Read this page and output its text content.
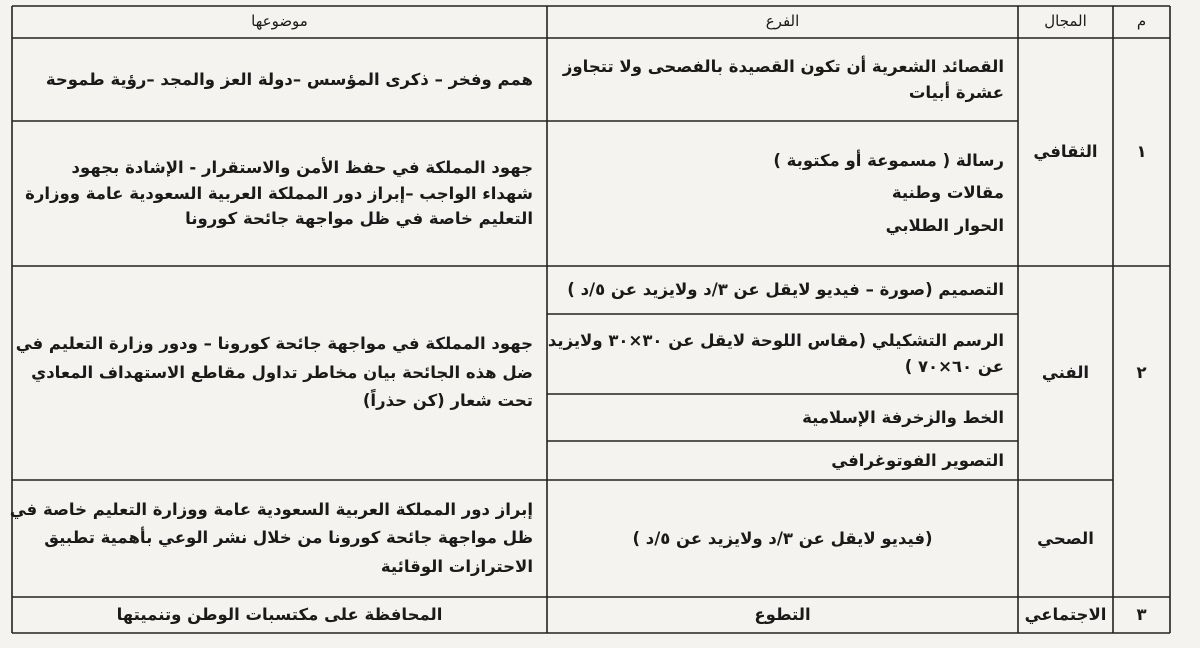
م
المجال
الفرع
موضوعها
١
الثقافي
القصائد الشعرية أن تكون القصيدة بالفصحى ولا تتجاوز
عشرة أبيات
رسالة ( مسموعة أو مكتوبة )
مقالات وطنية
الحوار الطلابي
همم وفخر – ذكرى المؤسس –دولة العز والمجد –رؤية طموحة
جهود المملكة في حفظ الأمن والاستقرار - الإشادة بجهود
شهداء الواجب –إبراز دور المملكة العربية السعودية عامة ووزارة
التعليم خاصة في ظل مواجهة جائحة كورونا
٢
الفني
التصميم (صورة – فيديو لايقل عن ٣/د ولايزيد عن ٥/د )
الرسم التشكيلي (مقاس اللوحة لايقل عن ٣٠×٣٠ ولايزيد
عن ٦٠×٧٠ )
الخط والزخرفة الإسلامية
التصوير الفوتوغرافي
جهود المملكة في مواجهة جائحة كورونا – ودور وزارة التعليم في
ضل هذه الجائحة بيان مخاطر تداول مقاطع الاستهداف المعادي
تحت شعار (كن حذراً)
الصحي
(فيديو لايقل عن ٣/د ولايزيد عن ٥/د )
إبراز دور المملكة العربية السعودية عامة ووزارة التعليم خاصة في
ظل مواجهة جائحة كورونا من خلال نشر الوعي بأهمية تطبيق
الاحترازات الوقائية
٣
الاجتماعي
التطوع
المحافظة على مكتسبات الوطن وتنميتها
